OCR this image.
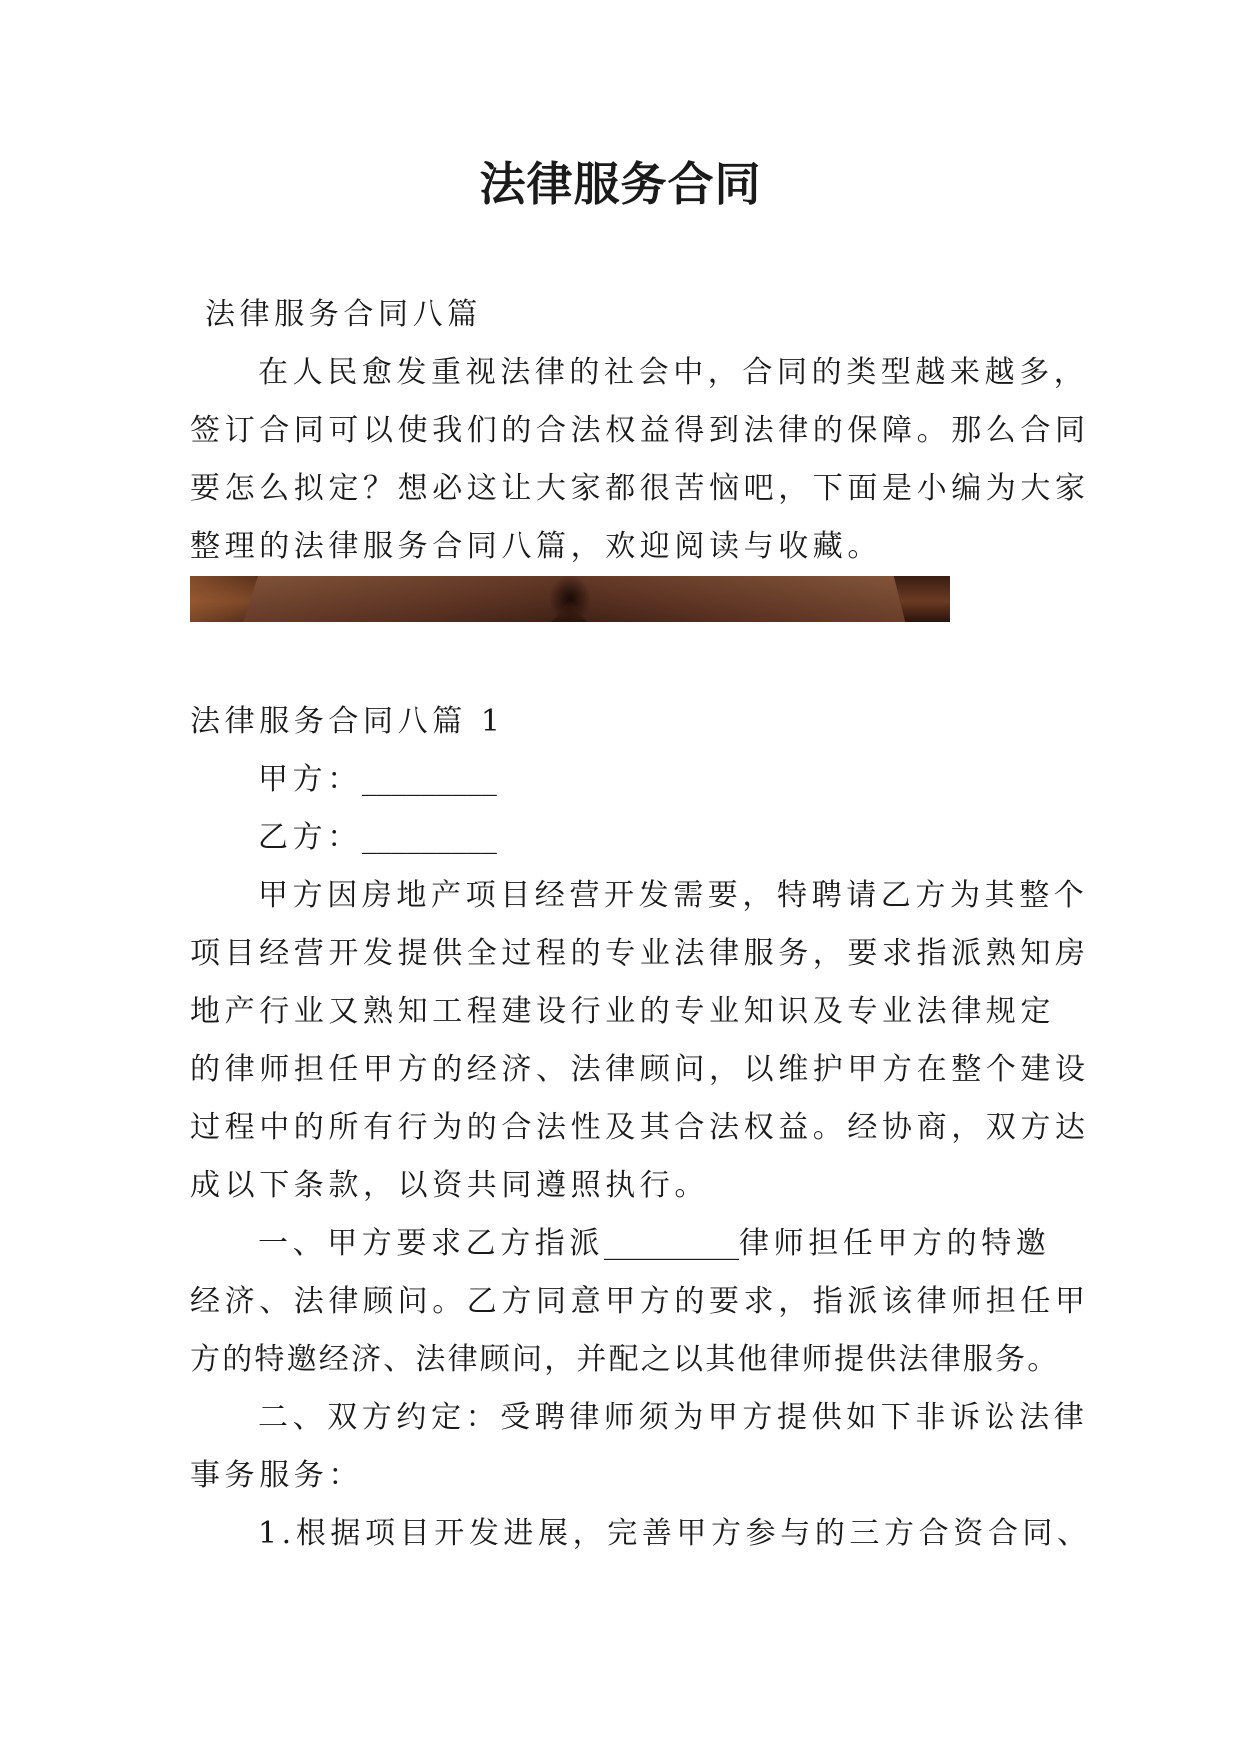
法律服务合同
法律服务合同八篇
在人民愈发重视法律的社会中，合同的类型越来越多，
签订合同可以使我们的合法权益得到法律的保障。那么合同
要怎么拟定？想必这让大家都很苦恼吧，下面是小编为大家
整理的法律服务合同八篇，欢迎阅读与收藏。
法律服务合同八篇 1
甲方：_________
乙方：_________
甲方因房地产项目经营开发需要，特聘请乙方为其整个
项目经营开发提供全过程的专业法律服务，要求指派熟知房
地产行业又熟知工程建设行业的专业知识及专业法律规定
的律师担任甲方的经济、法律顾问，以维护甲方在整个建设
过程中的所有行为的合法性及其合法权益。经协商，双方达
成以下条款，以资共同遵照执行。
一、甲方要求乙方指派_________律师担任甲方的特邀
经济、法律顾问。乙方同意甲方的要求，指派该律师担任甲
方的特邀经济、法律顾问，并配之以其他律师提供法律服务。
二、双方约定：受聘律师须为甲方提供如下非诉讼法律
事务服务：
1.根据项目开发进展，完善甲方参与的三方合资合同、
